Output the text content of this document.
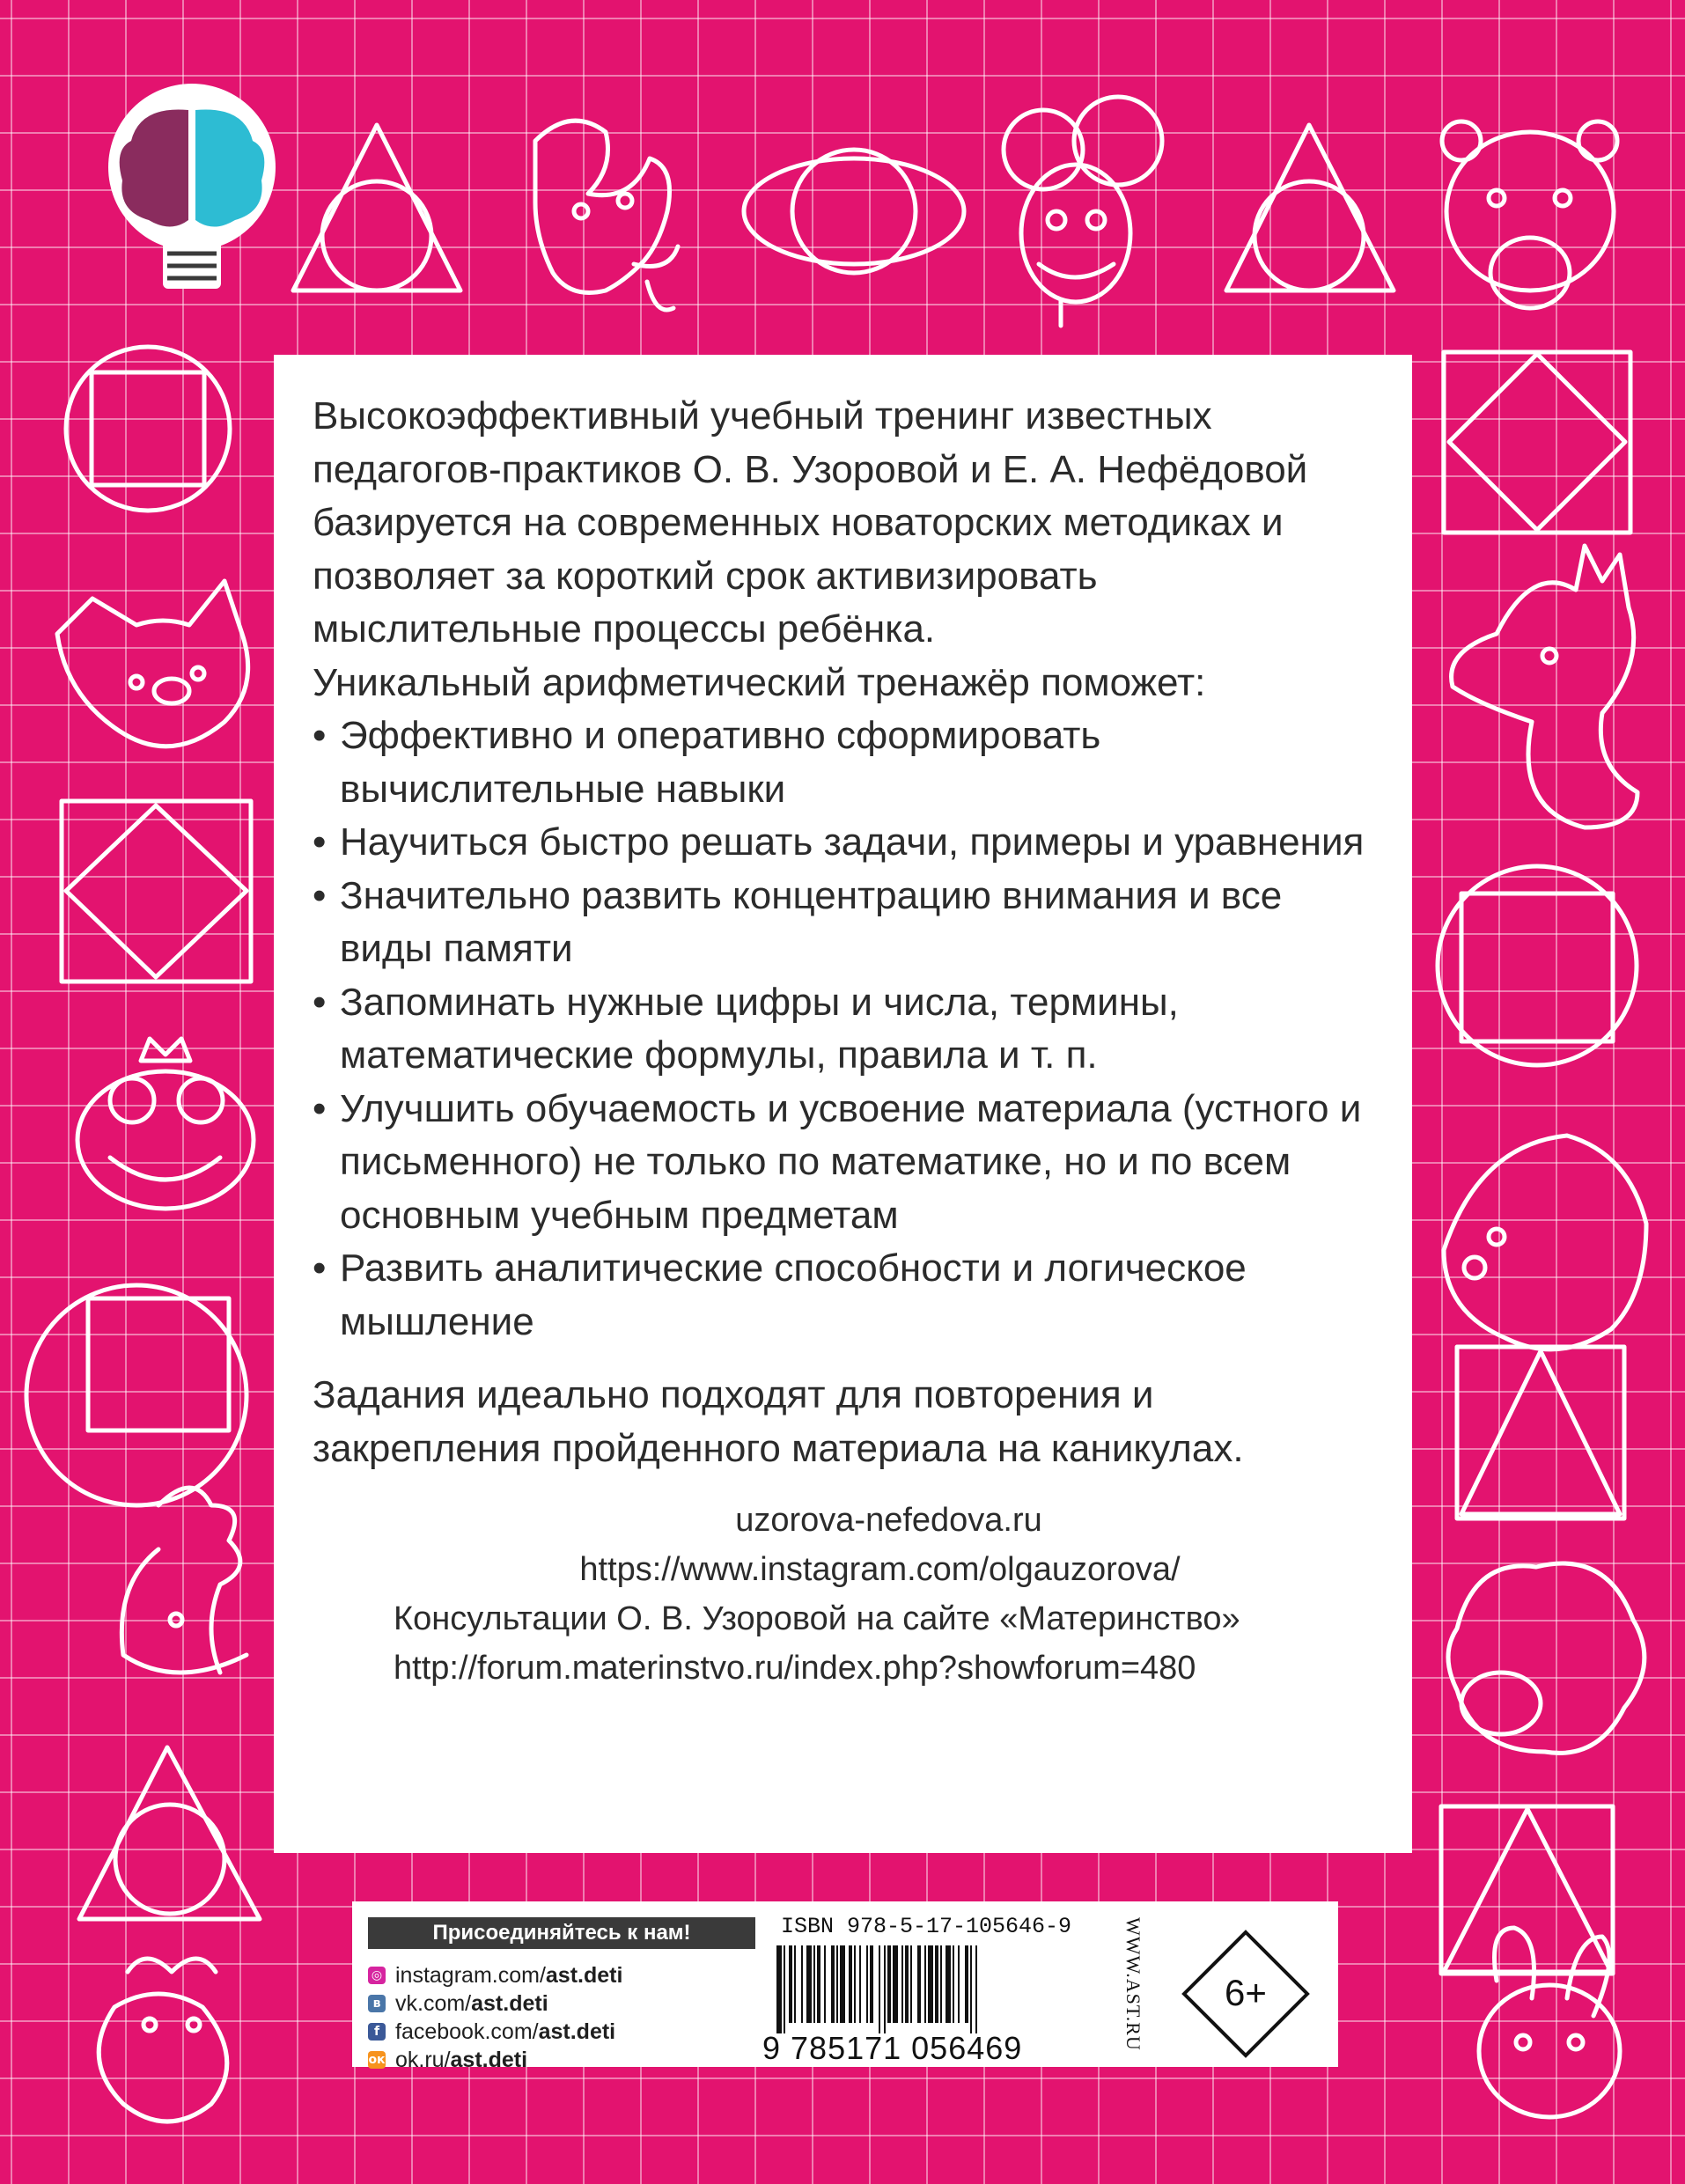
Высокоэффективный учебный тренинг известных педагогов-практиков О. В. Узоровой и Е. А. Нефёдовой базируется на современных новаторских методиках и позволяет за короткий срок активизировать мыслительные процессы ребёнка.

Уникальный арифметический тренажёр поможет:

• Эффективно и оперативно сформировать вычислительные навыки
• Научиться быстро решать задачи, примеры и уравнения
• Значительно развить концентрацию внимания и все виды памяти
• Запоминать нужные цифры и числа, термины, математические формулы, правила и т. п.
• Улучшить обучаемость и усвоение материала (устного и письменного) не только по математике, но и по всем основным учебным предметам
• Развить аналитические способности и логическое мышление

Задания идеально подходят для повторения и закрепления пройденного материала на каникулах.

uzorova-nefedova.ru
https://www.instagram.com/olgauzorova/
Консультации О. В. Узоровой на сайте «Материнство»
http://forum.materinstvo.ru/index.php?showforum=480
Присоединяйтесь к нам!
◎ instagram.com/ ast.deti
в vk.com/ ast.deti
f facebook.com/ ast.deti
ок ok.ru/ ast.deti
ISBN 978-5-17-105646-9
9 785171 056469	WWW.AST.RU	6+
